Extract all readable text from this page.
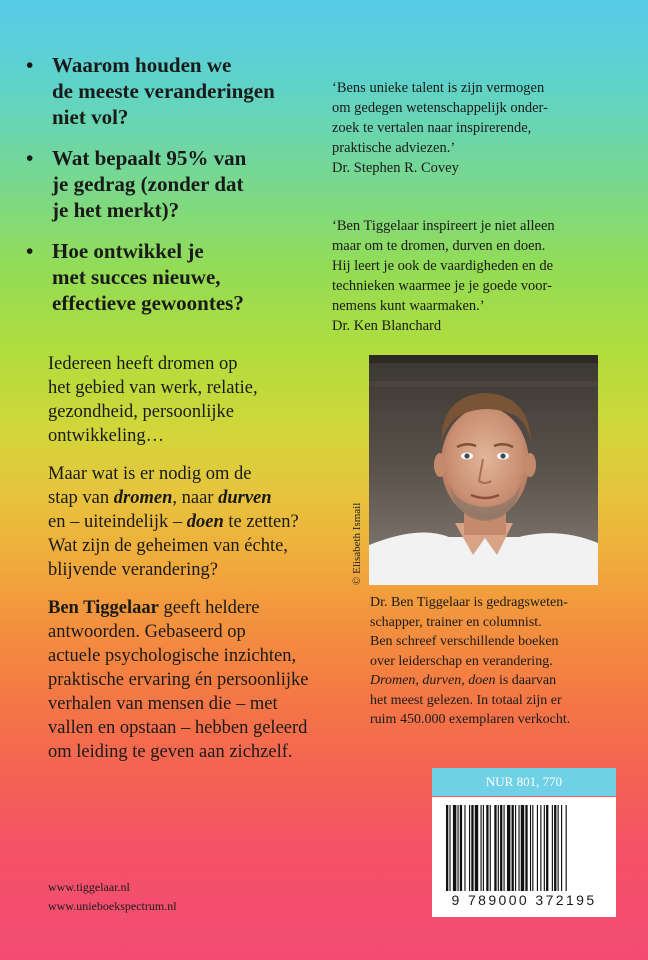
• Waarom houden we
de meeste veranderingen
niet vol?
• Wat bepaalt 95% van
je gedrag (zonder dat
je het merkt)?
• Hoe ontwikkel je
met succes nieuwe,
effectieve gewoontes?

‘Bens unieke talent is zijn vermogen
om gedegen wetenschappelijk onder-
zoek te vertalen naar inspirerende,
praktische adviezen.’

Dr. Stephen R. Covey

‘Ben Tiggelaar inspireert je niet alleen
maar om te dromen, durven en doen.
Hij leert je ook de vaardigheden en de
technieken waarmee je je goede voor-
nemens kunt waarmaken.’

Dr. Ken Blanchard

Iedereen heeft dromen op
het gebied van werk, relatie,
gezondheid, persoonlijke
ontwikkeling…

Maar wat is er nodig om de
stap van dromen, naar durven
en – uiteindelijk – doen te zetten?
Wat zijn de geheimen van échte,
blijvende verandering?

Ben Tiggelaar geeft heldere
antwoorden. Gebaseerd op
actuele psychologische inzichten,
praktische ervaring én persoonlijke
verhalen van mensen die – met
vallen en opstaan – hebben geleerd
om leiding te geven aan zichzelf.

© Elisabeth Ismail
Dr. Ben Tiggelaar is gedragsweten-
schapper, trainer en columnist.
Ben schreef verschillende boeken
over leiderschap en verandering.
Dromen, durven, doen is daarvan
het meest gelezen. In totaal zijn er
ruim 450.000 exemplaren verkocht.
NUR 801, 770
9 789000 372195
www.tiggelaar.nl
www.unieboekspectrum.nl
